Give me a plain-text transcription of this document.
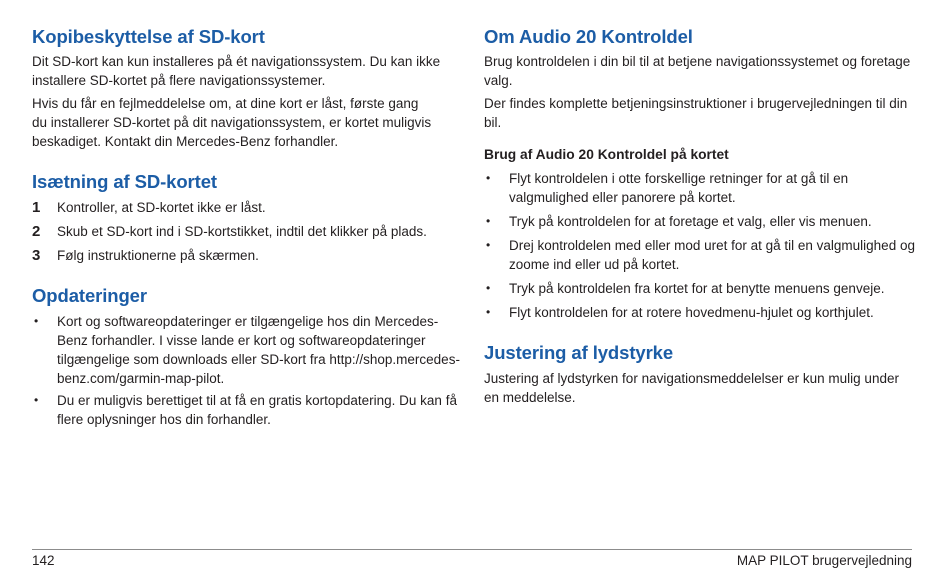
Kopibeskyttelse af SD-kort

Dit SD-kort kan kun installeres på ét navigationssystem. Du kan ikke
installere SD-kortet på flere navigationssystemer.

Hvis du får en fejlmeddelelse om, at dine kort er låst, første gang
du installerer SD-kortet på dit navigationssystem, er kortet muligvis
beskadiget. Kontakt din Mercedes-Benz forhandler.

Isætning af SD-kortet
1	Kontroller, at SD-kortet ikke er låst.
2	Skub et SD-kort ind i SD-kortstikket, indtil det klikker på plads.
3	Følg instruktionerne på skærmen.
Opdateringer
•	Kort og softwareopdateringer er tilgængelige hos din Mercedes-
Benz forhandler. I visse lande er kort og softwareopdateringer
tilgængelige som downloads eller SD-kort fra http://shop.mercedes-
benz.com/garmin-map-pilot.
•	Du er muligvis berettiget til at få en gratis kortopdatering. Du kan få
flere oplysninger hos din forhandler.
Om Audio 20 Kontroldel

Brug kontroldelen i din bil til at betjene navigationssystemet og foretage
valg.

Der findes komplette betjeningsinstruktioner i brugervejledningen til din
bil.

Brug af Audio 20 Kontroldel på kortet
•	Flyt kontroldelen i otte forskellige retninger for at gå til en
valgmulighed eller panorere på kortet.
•	Tryk på kontroldelen for at foretage et valg, eller vis menuen.
•	Drej kontroldelen med eller mod uret for at gå til en valgmulighed og
zoome ind eller ud på kortet.
•	Tryk på kontroldelen fra kortet for at benytte menuens genveje.
•	Flyt kontroldelen for at rotere hovedmenu-hjulet og korthjulet.
Justering af lydstyrke

Justering af lydstyrken for navigationsmeddelelser er kun mulig under
en meddelelse.

142	MAP PILOT brugervejledning
